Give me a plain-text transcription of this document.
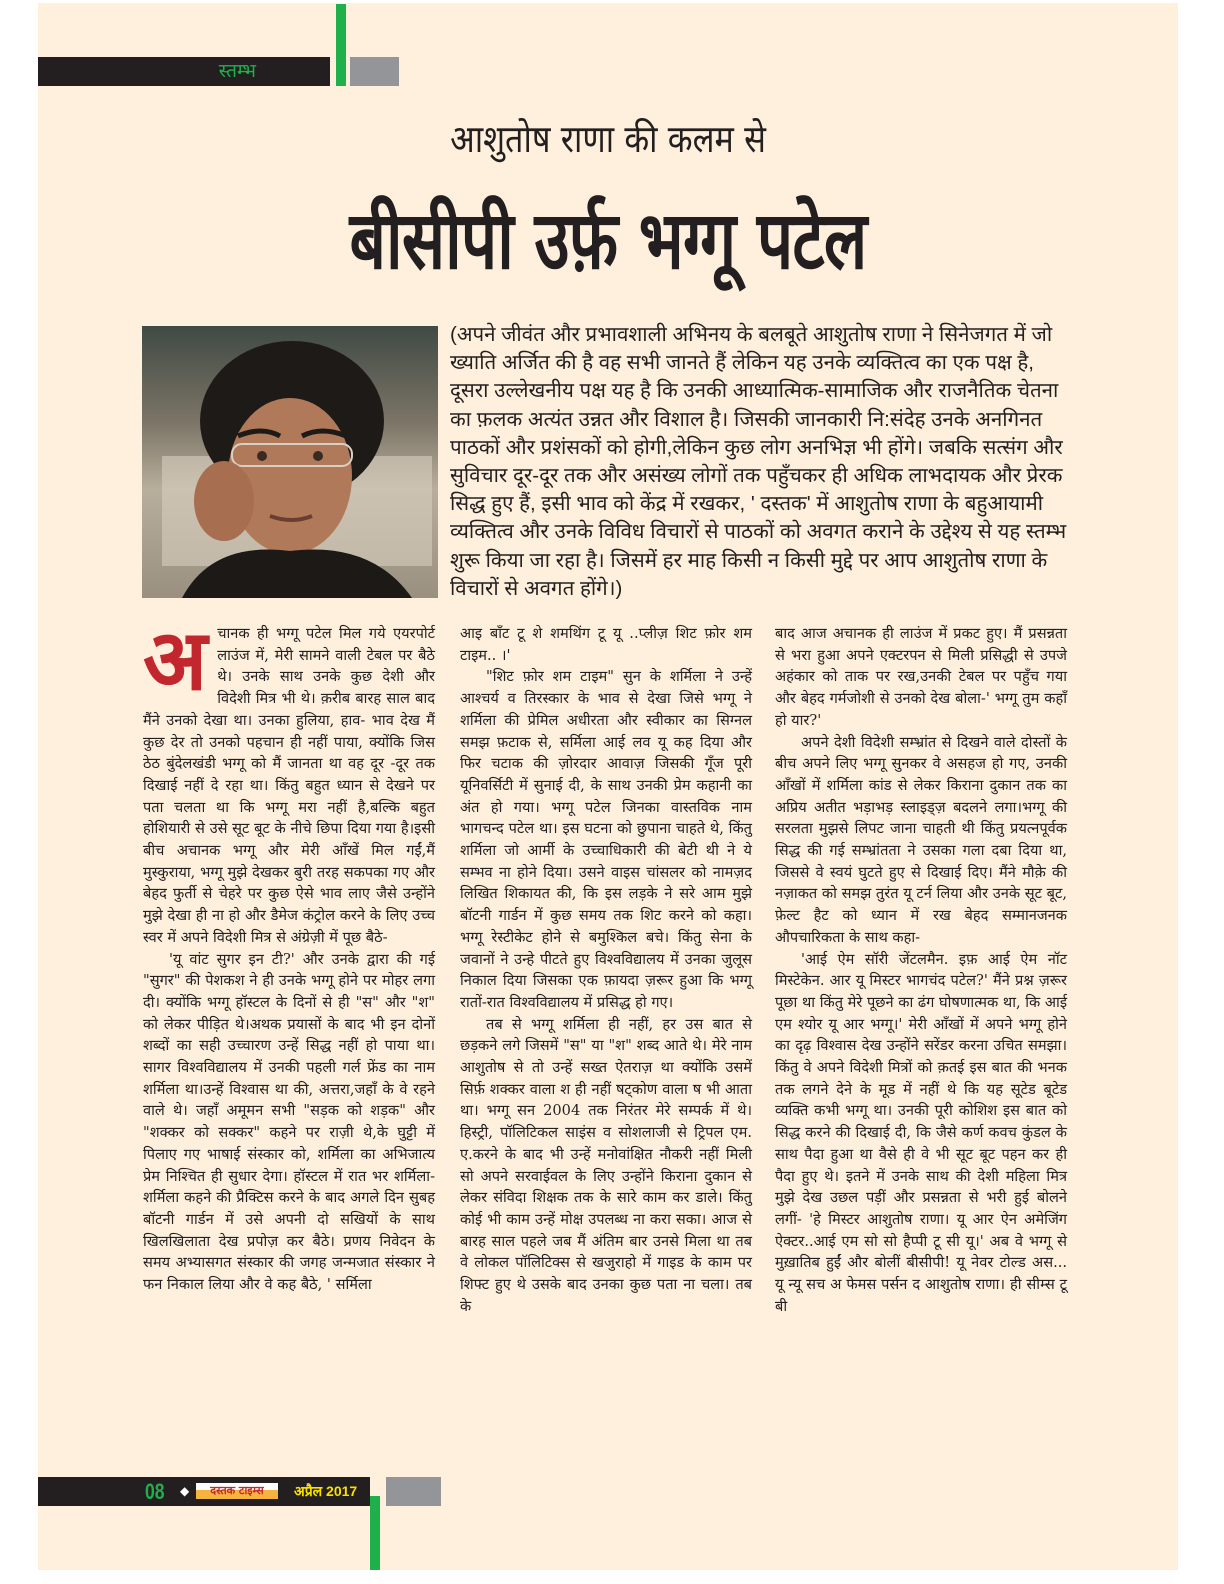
स्तम्भ
आशुतोष राणा की कलम से
बीसीपी उर्फ़ भग्गू पटेल

(अपने जीवंत और प्रभावशाली अभिनय के बलबूते आशुतोष राणा ने सिनेजगत में जो ख्याति अर्जित की है वह सभी जानते हैं लेकिन यह उनके व्यक्तित्व का एक पक्ष है, दूसरा उल्लेखनीय पक्ष यह है कि उनकी आध्यात्मिक-सामाजिक और राजनैतिक चेतना का फ़लक अत्यंत उन्नत और विशाल है। जिसकी जानकारी नि:संदेह उनके अनगिनत पाठकों और प्रशंसकों को होगी,लेकिन कुछ लोग अनभिज्ञ भी होंगे। जबकि सत्संग और सुविचार दूर-दूर तक और असंख्य लोगों तक पहुँचकर ही अधिक लाभदायक और प्रेरक सिद्ध हुए हैं, इसी भाव को केंद्र में रखकर, ' दस्तक' में आशुतोष राणा के बहुआयामी व्यक्तित्व और उनके विविध विचारों से पाठकों को अवगत कराने के उद्देश्य से यह स्तम्भ शुरू किया जा रहा है। जिसमें हर माह किसी न किसी मुद्दे पर आप आशुतोष राणा के विचारों से अवगत होंगे।)

अ चानक ही भग्गू पटेल मिल गये एयरपोर्ट लाउंज में, मेरी सामने वाली टेबल पर बैठे थे। उनके साथ उनके कुछ देशी और विदेशी मित्र भी थे। क़रीब बारह साल बाद मैंने उनको देखा था। उनका हुलिया, हाव- भाव देख मैं कुछ देर तो उनको पहचान ही नहीं पाया, क्योंकि जिस ठेठ बुंदेलखंडी भग्गू को मैं जानता था वह दूर -दूर तक दिखाई नहीं दे रहा था। किंतु बहुत ध्यान से देखने पर पता चलता था कि भग्गू मरा नहीं है,बल्कि बहुत होशियारी से उसे सूट बूट के नीचे छिपा दिया गया है।इसी बीच अचानक भग्गू और मेरी आँखें मिल गईं,मैं मुस्कुराया, भग्गू मुझे देखकर बुरी तरह सकपका गए और बेहद फुर्ती से चेहरे पर कुछ ऐसे भाव लाए जैसे उन्होंने मुझे देखा ही ना हो और डैमेज कंट्रोल करने के लिए उच्च स्वर में अपने विदेशी मित्र से अंग्रेज़ी में पूछ बैठे-

'यू वांट सुगर इन टी?' और उनके द्वारा की गई "सुगर" की पेशकश ने ही उनके भग्गू होने पर मोहर लगा दी। क्योंकि भग्गू हॉस्टल के दिनों से ही "स" और "श" को लेकर पीड़ित थे।अथक प्रयासों के बाद भी इन दोनों शब्दों का सही उच्चारण उन्हें सिद्ध नहीं हो पाया था। सागर विश्वविद्यालय में उनकी पहली गर्ल फ्रेंड का नाम शर्मिला था।उन्हें विश्वास था की, अत्तरा,जहाँ के वे रहने वाले थे। जहाँ अमूमन सभी "सड़क को शड़क" और "शक्कर को सक्कर" कहने पर राज़ी थे,के घुट्टी में पिलाए गए भाषाई संस्कार को, शर्मिला का अभिजात्य प्रेम निश्चित ही सुधार देगा। हॉस्टल में रात भर शर्मिला- शर्मिला कहने की प्रैक्टिस करने के बाद अगले दिन सुबह बॉटनी गार्डन में उसे अपनी दो सखियों के साथ खिलखिलाता देख प्रपोज़ कर बैठे। प्रणय निवेदन के समय अभ्यासगत संस्कार की जगह जन्मजात संस्कार ने फन निकाल लिया और वे कह बैठे, ' सर्मिला

आइ बॉंट टू शे शमथिंग टू यू ..प्लीज़ शिट फ़ोर शम टाइम.. ।'

"शिट फ़ोर शम टाइम" सुन के शर्मिला ने उन्हें आश्चर्य व तिरस्कार के भाव से देखा जिसे भग्गू ने शर्मिला की प्रेमिल अधीरता और स्वीकार का सिग्नल समझ फ़टाक से, सर्मिला आई लव यू कह दिया और फिर चटाक की ज़ोरदार आवाज़ जिसकी गूँज पूरी यूनिवर्सिटी में सुनाई दी, के साथ उनकी प्रेम कहानी का अंत हो गया। भग्गू पटेल जिनका वास्तविक नाम भागचन्द पटेल था। इस घटना को छुपाना चाहते थे, किंतु शर्मिला जो आर्मी के उच्चाधिकारी की बेटी थी ने ये सम्भव ना होने दिया। उसने वाइस चांसलर को नामज़द लिखित शिकायत की, कि इस लड़के ने सरे आम मुझे बॉटनी गार्डन में कुछ समय तक शिट करने को कहा। भग्गू रेस्टीकेट होने से बमुश्किल बचे। किंतु सेना के जवानों ने उन्हे पीटते हुए विश्वविद्यालय में उनका जुलूस निकाल दिया जिसका एक फ़ायदा ज़रूर हुआ कि भग्गू रातों-रात विश्वविद्यालय में प्रसिद्ध हो गए।

तब से भग्गू शर्मिला ही नहीं, हर उस बात से छड़कने लगे जिसमें "स" या "श" शब्द आते थे। मेरे नाम आशुतोष से तो उन्हें सख्त ऐतराज़ था क्योंकि उसमें सिर्फ़ शक्कर वाला श ही नहीं षट्कोण वाला ष भी आता था। भग्गू सन 2004 तक निरंतर मेरे सम्पर्क में थे। हिस्ट्री, पॉलिटिकल साइंस व सोशलाजी से ट्रिपल एम. ए.करने के बाद भी उन्हें मनोवांक्षित नौकरी नहीं मिली सो अपने सरवाईवल के लिए उन्होंने किराना दुकान से लेकर संविदा शिक्षक तक के सारे काम कर डाले। किंतु कोई भी काम उन्हें मोक्ष उपलब्ध ना करा सका। आज से बारह साल पहले जब मैं अंतिम बार उनसे मिला था तब वे लोकल पॉलिटिक्स से खजुराहो में गाइड के काम पर शिफ्ट हुए थे उसके बाद उनका कुछ पता ना चला। तब के

बाद आज अचानक ही लाउंज में प्रकट हुए। मैं प्रसन्नता से भरा हुआ अपने एक्टरपन से मिली प्रसिद्धी से उपजे अहंकार को ताक पर रख,उनकी टेबल पर पहुँच गया और बेहद गर्मजोशी से उनको देख बोला-' भग्गू तुम कहाँ हो यार?'

अपने देशी विदेशी सम्भ्रांत से दिखने वाले दोस्तों के बीच अपने लिए भग्गू सुनकर वे असहज हो गए, उनकी आँखों में शर्मिला कांड से लेकर किराना दुकान तक का अप्रिय अतीत भड़ाभड़ स्लाइड्ज़ बदलने लगा।भग्गू की सरलता मुझसे लिपट जाना चाहती थी किंतु प्रयत्नपूर्वक सिद्ध की गई सम्भ्रांतता ने उसका गला दबा दिया था, जिससे वे स्वयं घुटते हुए से दिखाई दिए। मैंने मौक़े की नज़ाकत को समझ तुरंत यू टर्न लिया और उनके सूट बूट, फ़ेल्ट हैट को ध्यान में रख बेहद सम्मानजनक औपचारिकता के साथ कहा-

'आई ऐम सॉरी जेंटलमैन. इफ़ आई ऐम नॉट मिस्टेकेन. आर यू मिस्टर भागचंद पटेल?' मैंने प्रश्न ज़रूर पूछा था किंतु मेरे पूछने का ढंग घोषणात्मक था, कि आई एम श्योर यू आर भग्गू।' मेरी आँखों में अपने भग्गू होने का दृढ़ विश्वास देख उन्होंने सरेंडर करना उचित समझा। किंतु वे अपने विदेशी मित्रों को क़तई इस बात की भनक तक लगने देने के मूड में नहीं थे कि यह सूटेड बूटेड व्यक्ति कभी भग्गू था। उनकी पूरी कोशिश इस बात को सिद्ध करने की दिखाई दी, कि जैसे कर्ण कवच कुंडल के साथ पैदा हुआ था वैसे ही वे भी सूट बूट पहन कर ही पैदा हुए थे। इतने में उनके साथ की देशी महिला मित्र मुझे देख उछल पड़ीं और प्रसन्नता से भरी हुई बोलने लगीं- 'हे मिस्टर आशुतोष राणा। यू आर ऐन अमेजिंग ऐक्टर..आई एम सो सो हैप्पी टू सी यू।' अब वे भग्गू से मुख़ातिब हुईं और बोलीं बीसीपी! यू नेवर टोल्ड अस... यू न्यू सच अ फेमस पर्सन द आशुतोष राणा। ही सीम्स टू बी

08 ◆	दस्तक टाइम्स	अप्रैल 2017
